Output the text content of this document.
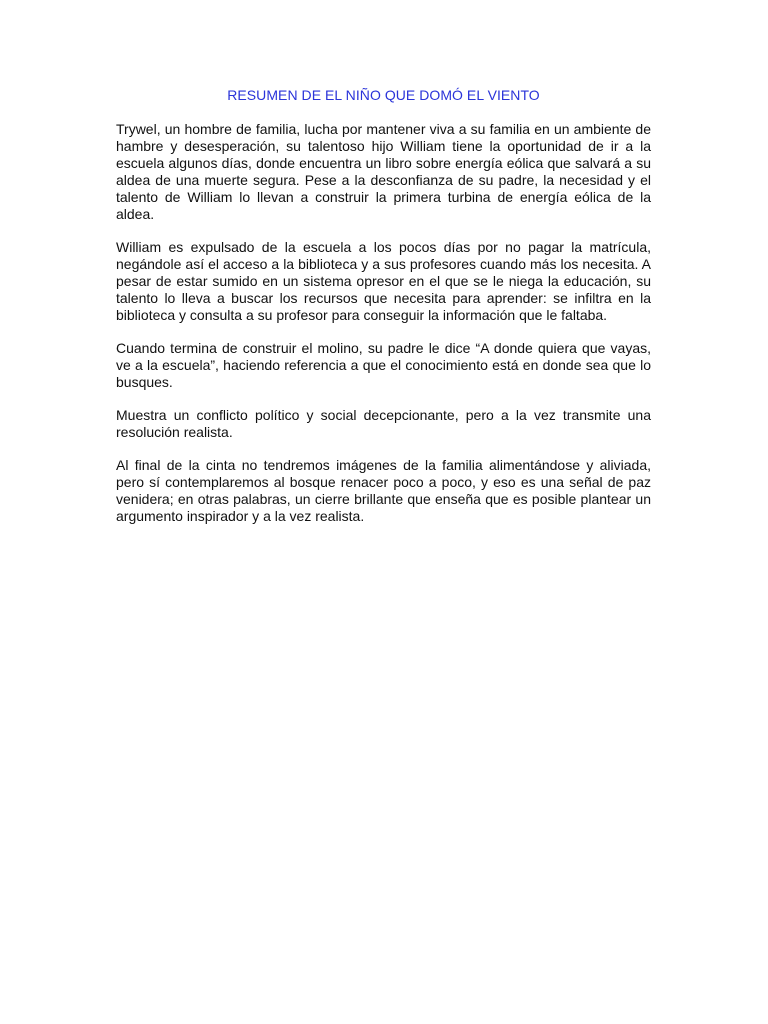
RESUMEN DE EL NIÑO QUE DOMÓ EL VIENTO

Trywel, un hombre de familia, lucha por mantener viva a su familia en un ambiente de hambre y desesperación, su talentoso hijo William tiene la oportunidad de ir a la escuela algunos días, donde encuentra un libro sobre energía eólica que salvará a su aldea de una muerte segura. Pese a la desconfianza de su padre, la necesidad y el talento de William lo llevan a construir la primera turbina de energía eólica de la aldea.

William es expulsado de la escuela a los pocos días por no pagar la matrícula, negándole así el acceso a la biblioteca y a sus profesores cuando más los necesita. A pesar de estar sumido en un sistema opresor en el que se le niega la educación, su talento lo lleva a buscar los recursos que necesita para aprender: se infiltra en la biblioteca y consulta a su profesor para conseguir la información que le faltaba.

Cuando termina de construir el molino, su padre le dice “A donde quiera que vayas, ve a la escuela”, haciendo referencia a que el conocimiento está en donde sea que lo busques.

Muestra un conflicto político y social decepcionante, pero a la vez transmite una resolución realista.

Al final de la cinta no tendremos imágenes de la familia alimentándose y aliviada, pero sí contemplaremos al bosque renacer poco a poco, y eso es una señal de paz venidera; en otras palabras, un cierre brillante que enseña que es posible plantear un argumento inspirador y a la vez realista.
